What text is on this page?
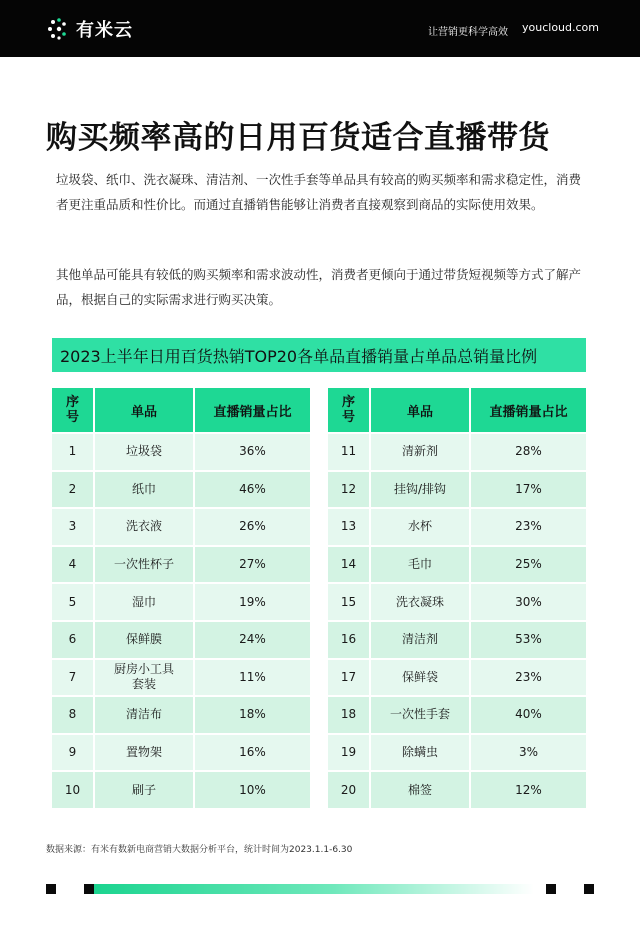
有米云	让营销更科学高效 youcloud.com
购买频率高的日用百货适合直播带货

垃圾袋、纸巾、洗衣凝珠、清洁剂、一次性手套等单品具有较高的购买频率和需求稳定性，消费者更注重品质和性价比。而通过直播销售能够让消费者直接观察到商品的实际使用效果。

其他单品可能具有较低的购买频率和需求波动性，消费者更倾向于通过带货短视频等方式了解产品，根据自己的实际需求进行购买决策。

2023上半年日用百货热销TOP20各单品直播销量占单品总销量比例
序
号	单品	直播销量占比
1	垃圾袋	36%
2	纸巾	46%
3	洗衣液	26%
4	一次性杯子	27%
5	湿巾	19%
6	保鲜膜	24%
7	厨房小工具
套装	11%
8	清洁布	18%
9	置物架	16%
10	刷子	10%
序
号	单品	直播销量占比
11	清新剂	28%
12	挂钩/排钩	17%
13	水杯	23%
14	毛巾	25%
15	洗衣凝珠	30%
16	清洁剂	53%
17	保鲜袋	23%
18	一次性手套	40%
19	除螨虫	3%
20	棉签	12%

数据来源：有米有数新电商营销大数据分析平台，统计时间为2023.1.1-6.30
